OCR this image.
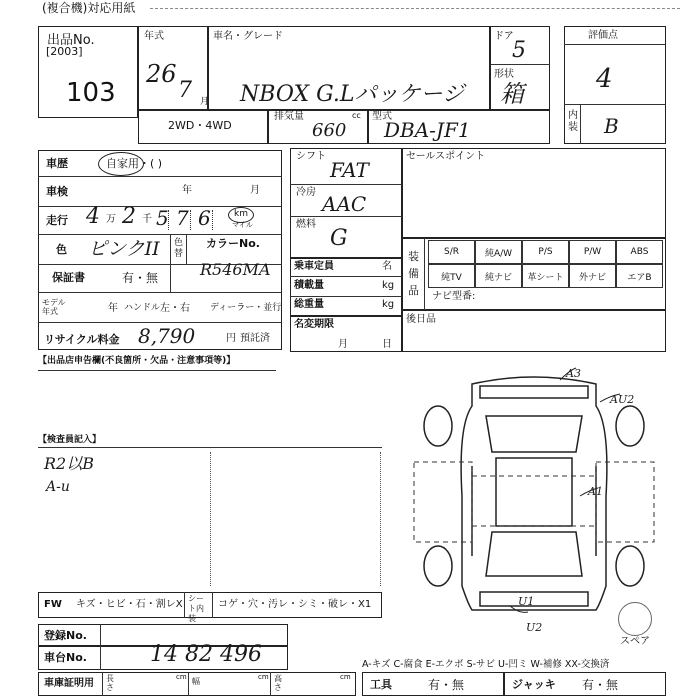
(複合機)対応用紙
出品No.
[2003]
103
年式
26
7 月
車名・グレード
NBOX G.Lパッケージ
ドア
5
形状
箱
評価点
4
内装 B
2WD・4WD
排気量	cc
660
型式
DBA-JF1
車歴	自家用・( )
車検	年	月
走行 4 万 2 千 5 7 6	km
マイル
色 ピンクII 色替
カラーNo.
R546MA
保証書	有・無
モデル年式	年 ハンドル 左・右 ディーラー・並行
リサイクル料金 8,790	円 預託済
【出品店申告欄(不良箇所・欠品・注意事項等)】
シフト
FAT
冷房 AAC
燃料
G
乗車定員	名
積載量	kg
総重量	kg
名変期限
月	日
セールスポイント
装備品
S/R	純A/W	P/S	P/W	ABS
純TV	純ナビ	革シート	外ナビ	エアB
ナビ型番:
後日品
【検査員記入】
R2以B
A-u
A3
AU2
A1
U1
U2
スペア
FW キズ・ヒビ・石・割レX
シート内装
コゲ・穴・汚レ・シミ・破レ・X1
登録No.
車台No.	14 82 496	A-キズ C-腐食 E-エクボ S-サビ U-凹ミ W-補修 XX-交換済
車庫証明用 長さ
cm 幅	cm 高さ
cm
工具	有・無	ジャッキ 有・無
